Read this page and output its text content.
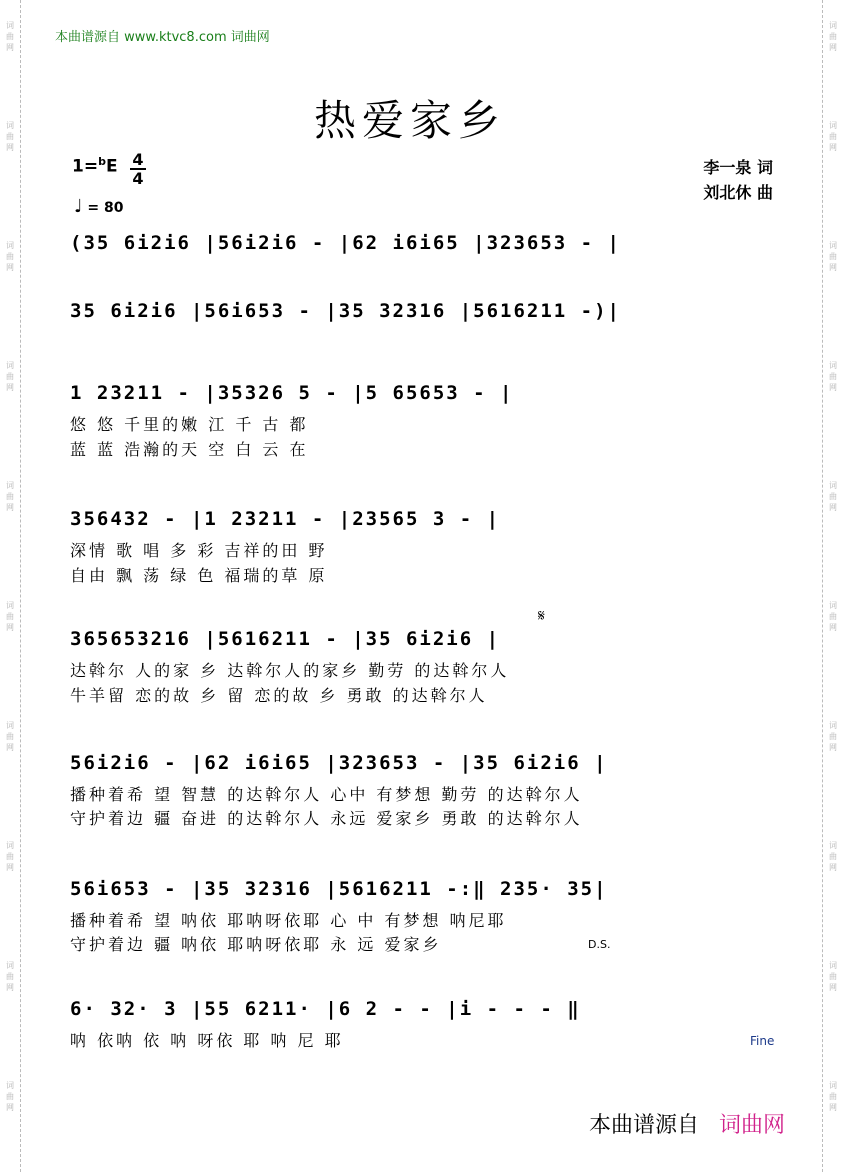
词曲网
词曲网
词曲网
词曲网
词曲网
词曲网
词曲网
词曲网
词曲网
词曲网
词曲网
词曲网
词曲网
词曲网
词曲网
词曲网
词曲网
词曲网
词曲网
词曲网
本曲谱源自 www.ktvc8.com 词曲网
热爱家乡
1=$^b$E 4
4
♩ = 80
李一泉 词
刘北休 曲
(35 6i2i6 |56i2i6 - |62 i6i65 |323653 - |
35 6i2i6 |56i653 - |35 32316 |5616211 -)|
1 23211 - |35326 5 - |5 65653 - |
悠 悠 千里的嫩 江 千 古 都
蓝 蓝 浩瀚的天 空 白 云 在
356432 - |1 23211 - |23565 3 - |
深情 歌 唱 多 彩 吉祥的田 野
自由 飘 荡 绿 色 福瑞的草 原
𝄋
365653216 |5616211 - |35 6i2i6 |
达斡尔 人的家 乡 达斡尔人的家乡 勤劳 的达斡尔人
牛羊留 恋的故 乡 留 恋的故 乡 勇敢 的达斡尔人
56i2i6 - |62 i6i65 |323653 - |35 6i2i6 |
播种着希 望 智慧 的达斡尔人 心中 有梦想 勤劳 的达斡尔人
守护着边 疆 奋进 的达斡尔人 永远 爱家乡 勇敢 的达斡尔人
56i653 - |35 32316 |5616211 -:‖ 235· 35|
播种着希 望 呐依 耶呐呀依耶 心 中 有梦想 呐尼耶
守护着边 疆 呐依 耶呐呀依耶 永 远 爱家乡	D.S.
6· 32· 3 |55 6211· |6 2 - - |i - - - ‖
呐 依呐 依 呐 呀依 耶 呐 尼 耶	Fine
本曲谱源自 词曲网
